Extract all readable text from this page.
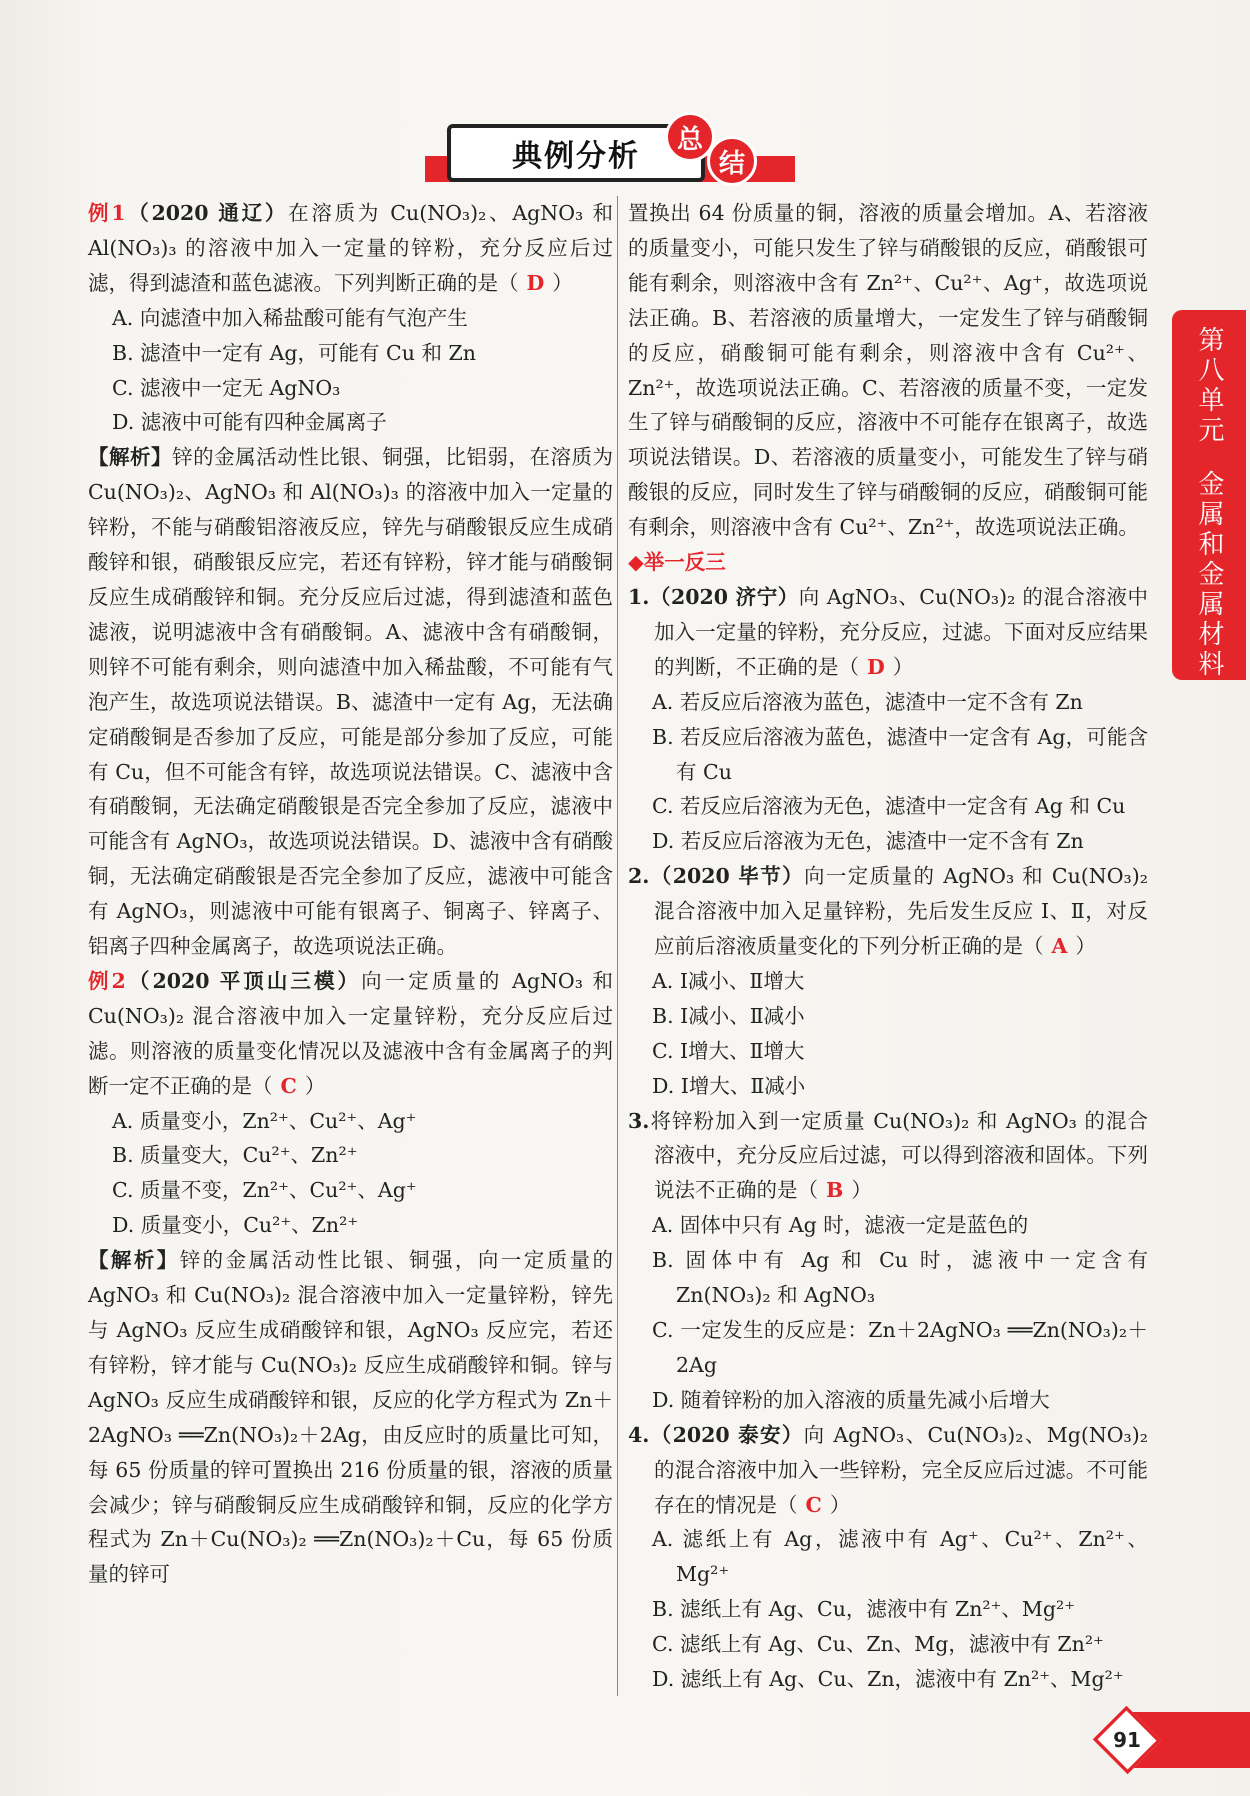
典例分析	总
结

例1（2020 通辽）在溶质为 Cu(NO₃)₂、AgNO₃ 和 Al(NO₃)₃ 的溶液中加入一定量的锌粉，充分反应后过滤，得到滤渣和蓝色滤液。下列判断正确的是（ D ）

A. 向滤渣中加入稀盐酸可能有气泡产生

B. 滤渣中一定有 Ag，可能有 Cu 和 Zn

C. 滤液中一定无 AgNO₃

D. 滤液中可能有四种金属离子

【解析】锌的金属活动性比银、铜强，比铝弱，在溶质为 Cu(NO₃)₂、AgNO₃ 和 Al(NO₃)₃ 的溶液中加入一定量的锌粉，不能与硝酸铝溶液反应，锌先与硝酸银反应生成硝酸锌和银，硝酸银反应完，若还有锌粉，锌才能与硝酸铜反应生成硝酸锌和铜。充分反应后过滤，得到滤渣和蓝色滤液，说明滤液中含有硝酸铜。A、滤液中含有硝酸铜，则锌不可能有剩余，则向滤渣中加入稀盐酸，不可能有气泡产生，故选项说法错误。B、滤渣中一定有 Ag，无法确定硝酸铜是否参加了反应，可能是部分参加了反应，可能有 Cu，但不可能含有锌，故选项说法错误。C、滤液中含有硝酸铜，无法确定硝酸银是否完全参加了反应，滤液中可能含有 AgNO₃，故选项说法错误。D、滤液中含有硝酸铜，无法确定硝酸银是否完全参加了反应，滤液中可能含有 AgNO₃，则滤液中可能有银离子、铜离子、锌离子、铝离子四种金属离子，故选项说法正确。

例2（2020 平顶山三模）向一定质量的 AgNO₃ 和 Cu(NO₃)₂ 混合溶液中加入一定量锌粉，充分反应后过滤。则溶液的质量变化情况以及滤液中含有金属离子的判断一定不正确的是（ C ）

A. 质量变小，Zn²⁺、Cu²⁺、Ag⁺

B. 质量变大，Cu²⁺、Zn²⁺

C. 质量不变，Zn²⁺、Cu²⁺、Ag⁺

D. 质量变小，Cu²⁺、Zn²⁺

【解析】锌的金属活动性比银、铜强，向一定质量的 AgNO₃ 和 Cu(NO₃)₂ 混合溶液中加入一定量锌粉，锌先与 AgNO₃ 反应生成硝酸锌和银，AgNO₃ 反应完，若还有锌粉，锌才能与 Cu(NO₃)₂ 反应生成硝酸锌和铜。锌与 AgNO₃ 反应生成硝酸锌和银，反应的化学方程式为 Zn＋2AgNO₃ ══Zn(NO₃)₂＋2Ag，由反应时的质量比可知，每 65 份质量的锌可置换出 216 份质量的银，溶液的质量会减少；锌与硝酸铜反应生成硝酸锌和铜，反应的化学方程式为 Zn＋Cu(NO₃)₂ ══Zn(NO₃)₂＋Cu，每 65 份质量的锌可

置换出 64 份质量的铜，溶液的质量会增加。A、若溶液的质量变小，可能只发生了锌与硝酸银的反应，硝酸银可能有剩余，则溶液中含有 Zn²⁺、Cu²⁺、Ag⁺，故选项说法正确。B、若溶液的质量增大，一定发生了锌与硝酸铜的反应，硝酸铜可能有剩余，则溶液中含有 Cu²⁺、Zn²⁺，故选项说法正确。C、若溶液的质量不变，一定发生了锌与硝酸铜的反应，溶液中不可能存在银离子，故选项说法错误。D、若溶液的质量变小，可能发生了锌与硝酸银的反应，同时发生了锌与硝酸铜的反应，硝酸铜可能有剩余，则溶液中含有 Cu²⁺、Zn²⁺，故选项说法正确。

◆举一反三

1.（2020 济宁）向 AgNO₃、Cu(NO₃)₂ 的混合溶液中加入一定量的锌粉，充分反应，过滤。下面对反应结果的判断，不正确的是（ D ）

A. 若反应后溶液为蓝色，滤渣中一定不含有 Zn

B. 若反应后溶液为蓝色，滤渣中一定含有 Ag，可能含有 Cu

C. 若反应后溶液为无色，滤渣中一定含有 Ag 和 Cu

D. 若反应后溶液为无色，滤渣中一定不含有 Zn

2.（2020 毕节）向一定质量的 AgNO₃ 和 Cu(NO₃)₂ 混合溶液中加入足量锌粉，先后发生反应 Ⅰ、Ⅱ，对反应前后溶液质量变化的下列分析正确的是（ A ）

A. Ⅰ减小、Ⅱ增大

B. Ⅰ减小、Ⅱ减小

C. Ⅰ增大、Ⅱ增大

D. Ⅰ增大、Ⅱ减小

3.将锌粉加入到一定质量 Cu(NO₃)₂ 和 AgNO₃ 的混合溶液中，充分反应后过滤，可以得到溶液和固体。下列说法不正确的是（ B ）

A. 固体中只有 Ag 时，滤液一定是蓝色的

B. 固体中有 Ag 和 Cu 时，滤液中一定含有 Zn(NO₃)₂ 和 AgNO₃

C. 一定发生的反应是：Zn＋2AgNO₃ ══Zn(NO₃)₂＋2Ag

D. 随着锌粉的加入溶液的质量先减小后增大

4.（2020 泰安）向 AgNO₃、Cu(NO₃)₂、Mg(NO₃)₂ 的混合溶液中加入一些锌粉，完全反应后过滤。不可能存在的情况是（ C ）

A. 滤纸上有 Ag，滤液中有 Ag⁺、Cu²⁺、Zn²⁺、Mg²⁺

B. 滤纸上有 Ag、Cu，滤液中有 Zn²⁺、Mg²⁺

C. 滤纸上有 Ag、Cu、Zn、Mg，滤液中有 Zn²⁺

D. 滤纸上有 Ag、Cu、Zn，滤液中有 Zn²⁺、Mg²⁺

第八单元
金属和金属材料
91
